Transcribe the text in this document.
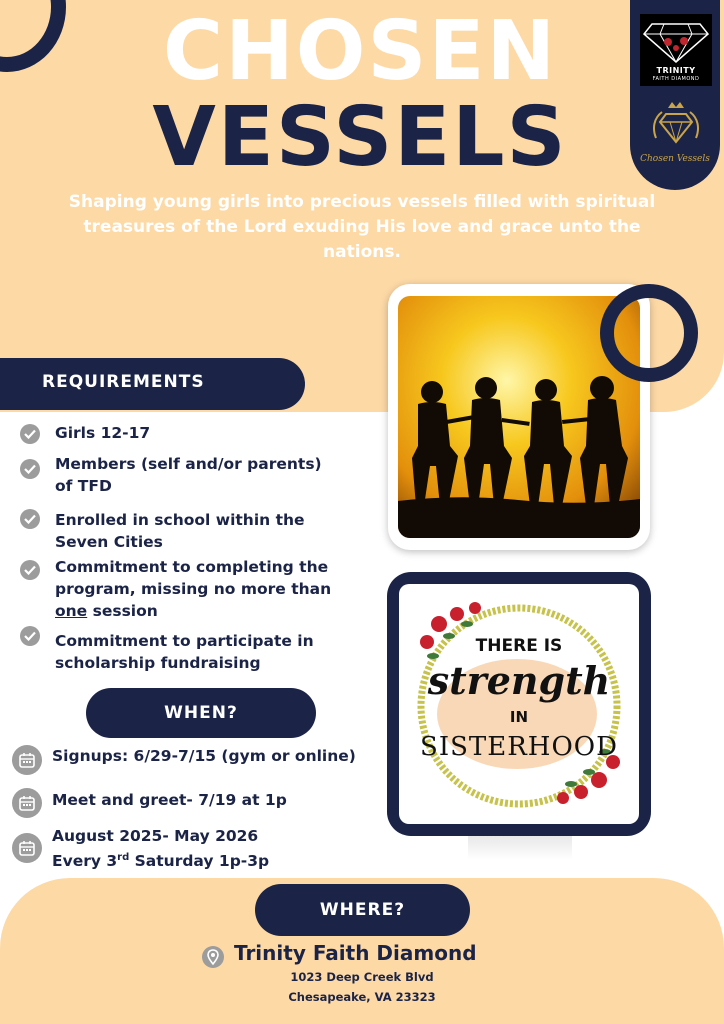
TRINITY
FAITH DIAMOND
Chosen Vessels
CHOSEN
VESSELS
Shaping young girls into precious vessels filled with spiritual treasures of the Lord exuding His love and grace unto the nations.
REQUIREMENTS
Girls 12-17
Members (self and/or parents)
of TFD
Enrolled in school within the
Seven Cities
Commitment to completing the
program, missing no more than
one session
Commitment to participate in
scholarship fundraising
WHEN?
Signups: 6/29-7/15 (gym or online)
Meet and greet- 7/19 at 1p
August 2025- May 2026
Every 3rd Saturday 1p-3p
THERE IS
strength
IN
SISTERHOOD
WHERE?
Trinity Faith Diamond
1023 Deep Creek Blvd
Chesapeake, VA 23323
